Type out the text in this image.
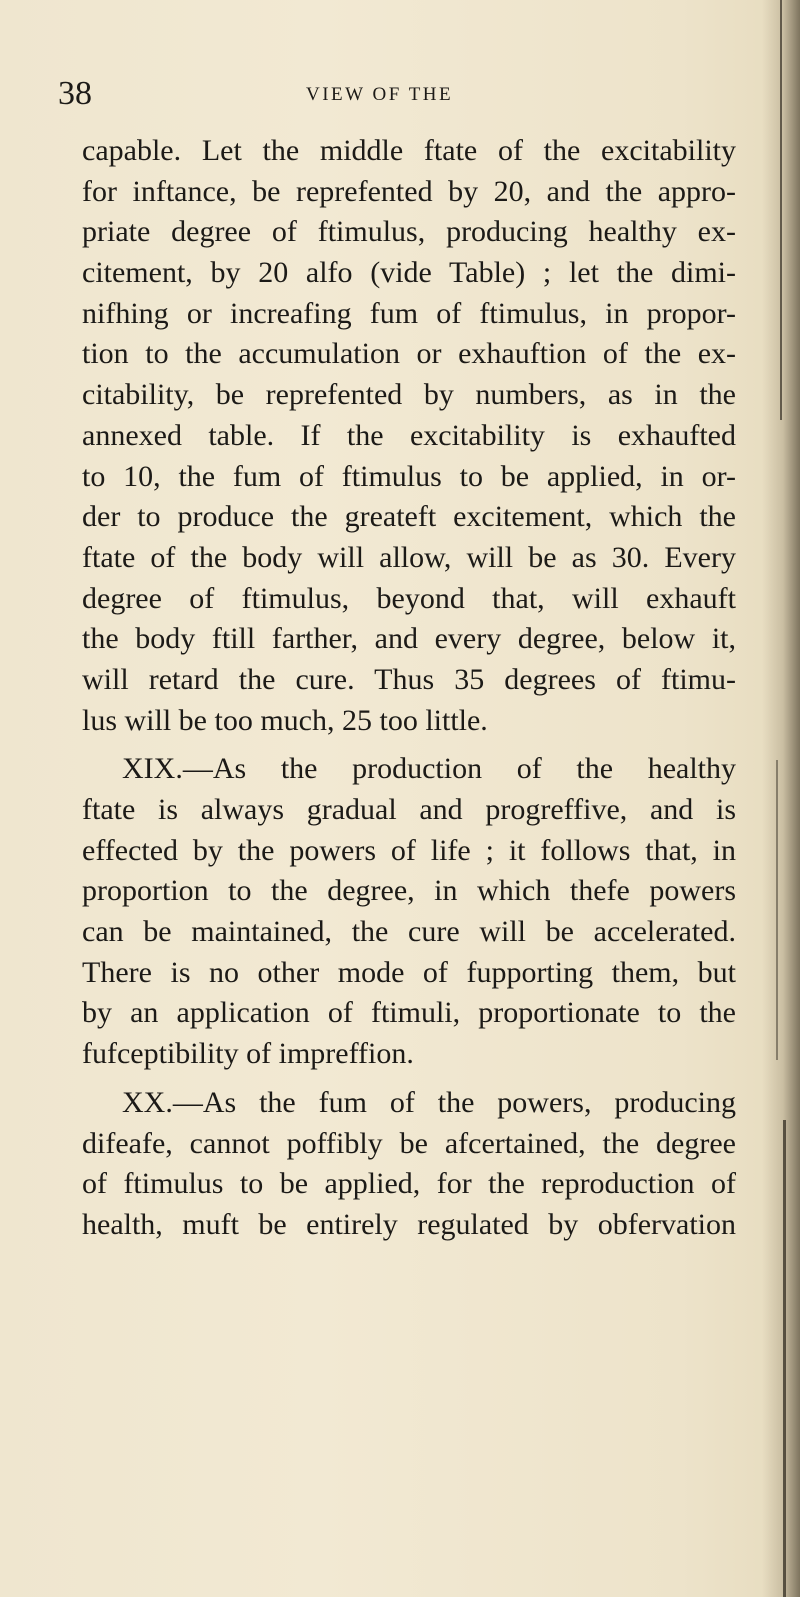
38	VIEW OF THE
capable. Let the middle ftate of the excitability
for inftance, be reprefented by 20, and the appro-
priate degree of ftimulus, producing healthy ex-
citement, by 20 alfo (vide Table) ; let the dimi-
nifhing or increafing fum of ftimulus, in propor-
tion to the accumulation or exhauftion of the ex-
citability, be reprefented by numbers, as in the
annexed table. If the excitability is exhaufted
to 10, the fum of ftimulus to be applied, in or-
der to produce the greateft excitement, which the
ftate of the body will allow, will be as 30. Every
degree of ftimulus, beyond that, will exhauft
the body ftill farther, and every degree, below it,
will retard the cure. Thus 35 degrees of ftimu-
lus will be too much, 25 too little.
XIX.—As the production of the healthy
ftate is always gradual and progreffive, and is
effected by the powers of life ; it follows that, in
proportion to the degree, in which thefe powers
can be maintained, the cure will be accelerated.
There is no other mode of fupporting them, but
by an application of ftimuli, proportionate to the
fufceptibility of impreffion.
XX.—As the fum of the powers, producing
difeafe, cannot poffibly be afcertained, the degree
of ftimulus to be applied, for the reproduction of
health, muft be entirely regulated by obfervation
